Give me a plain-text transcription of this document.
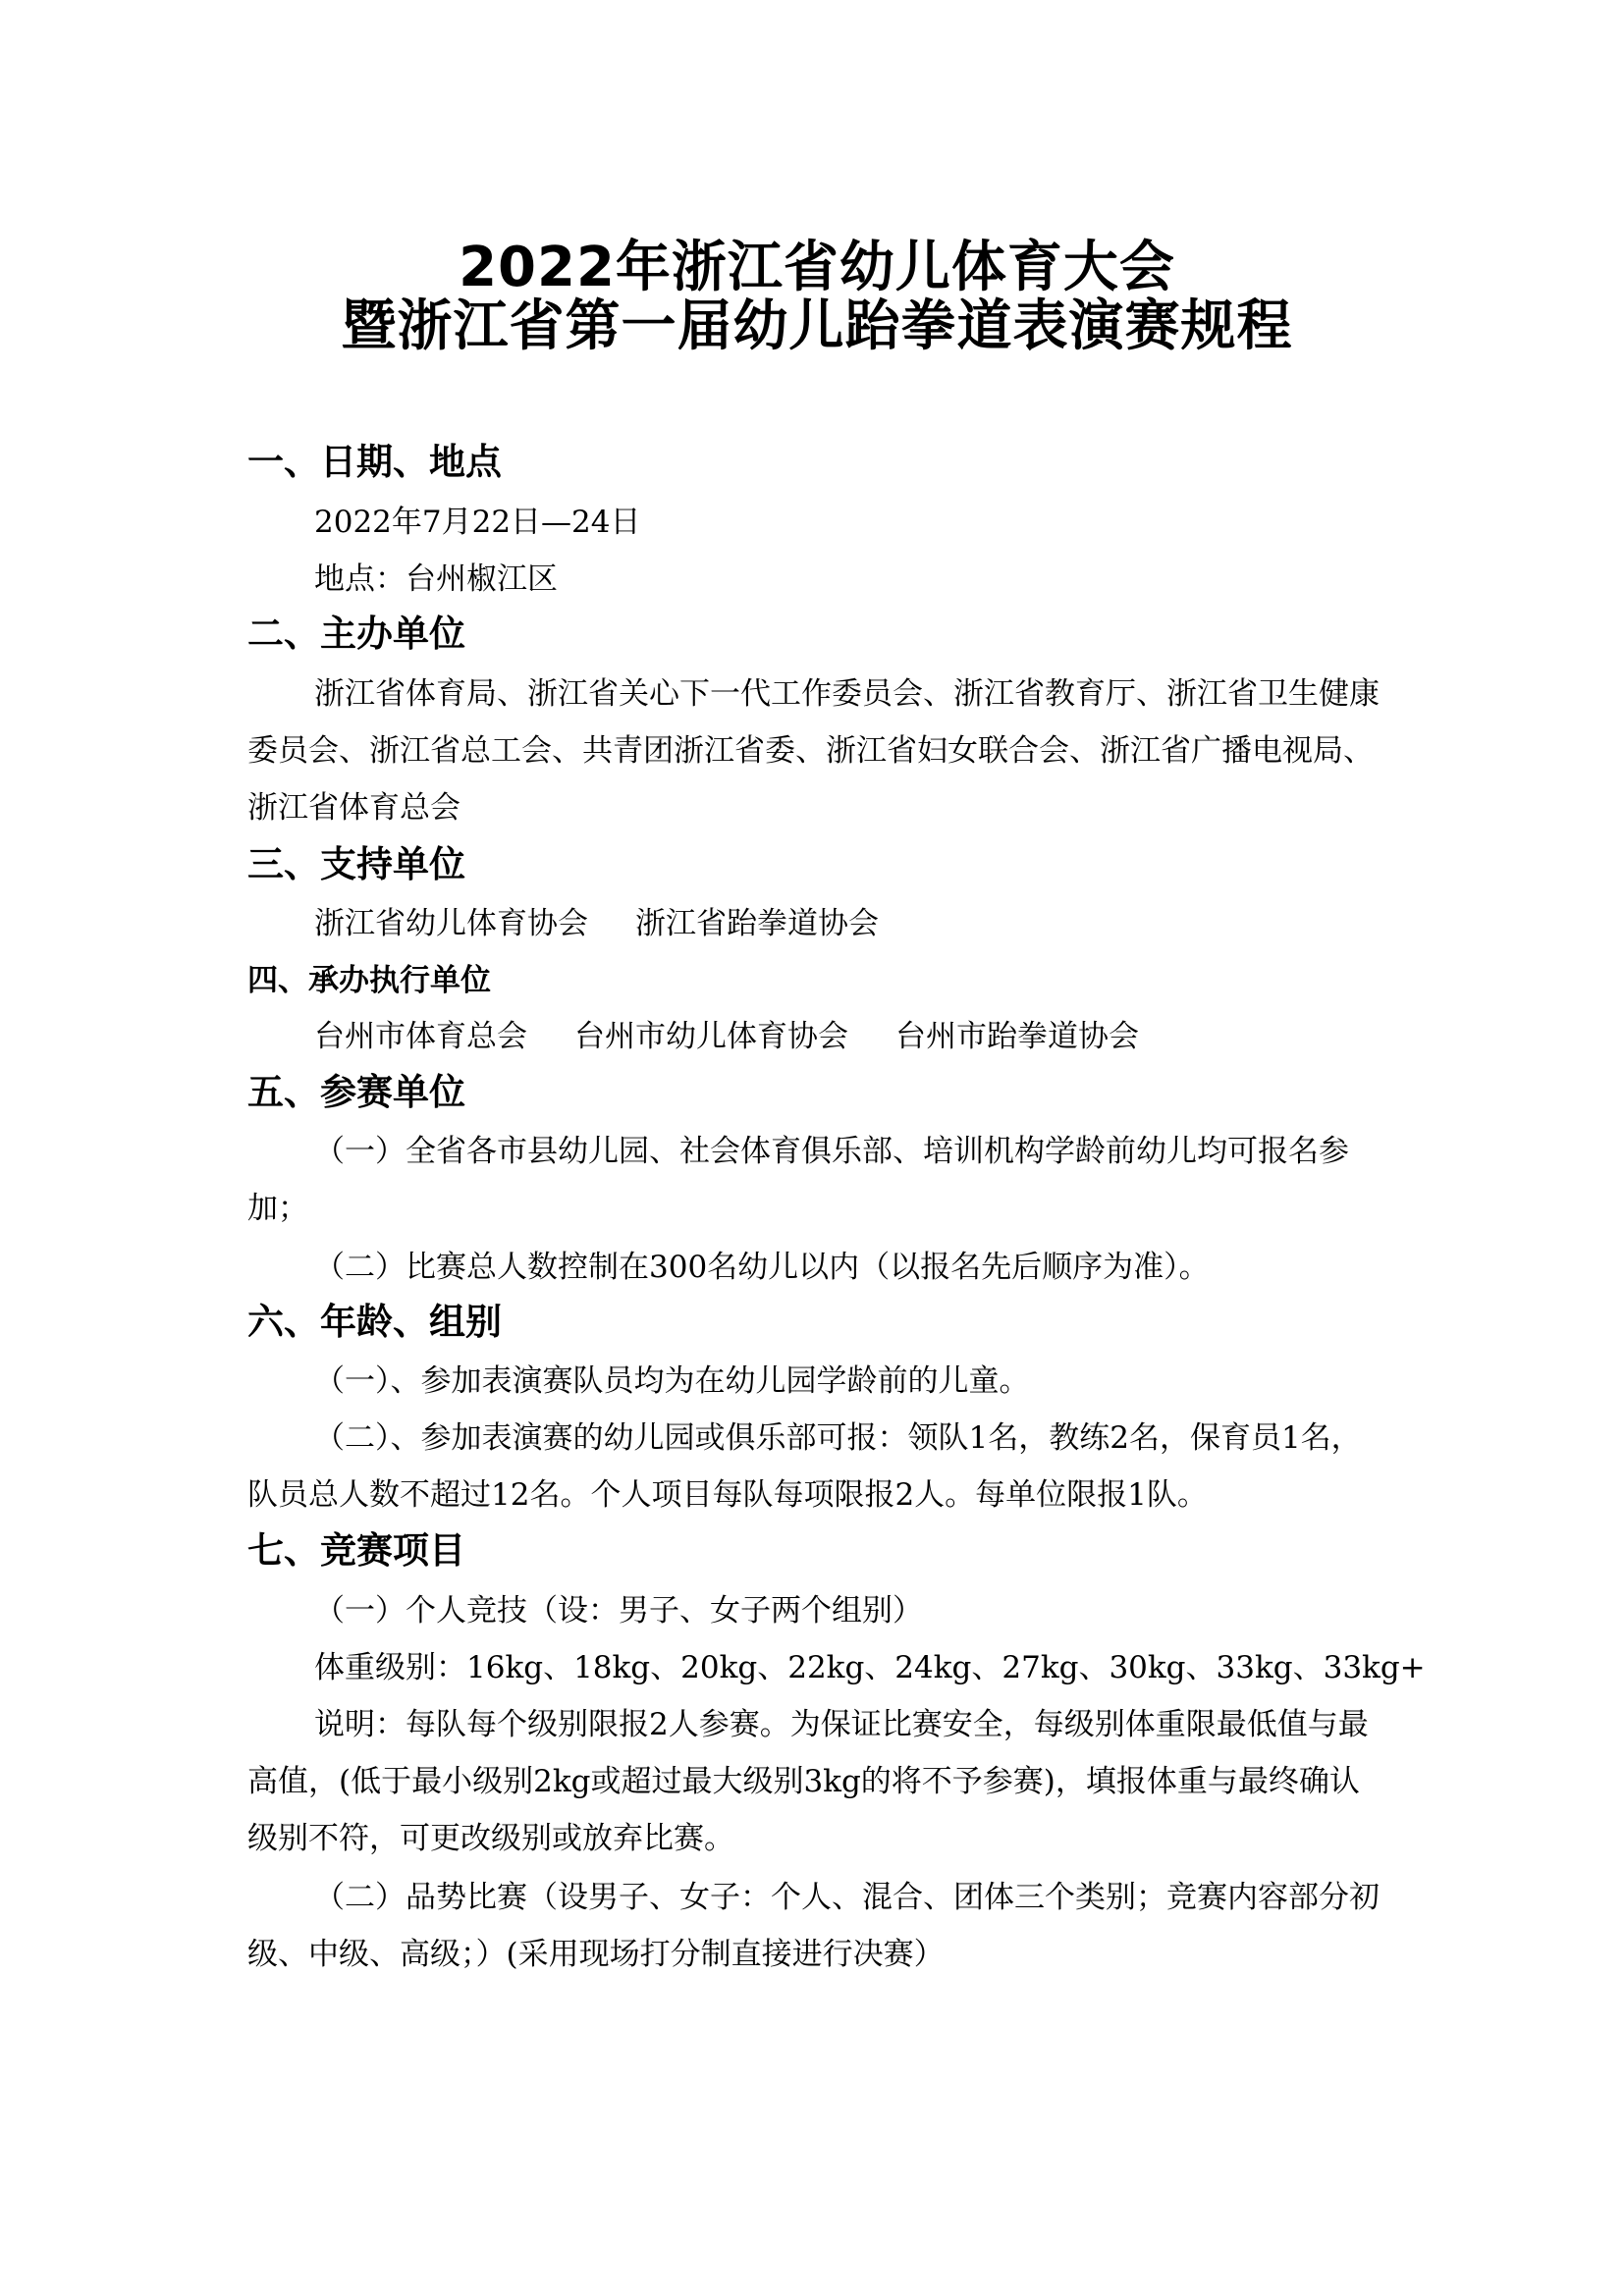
2022年浙江省幼儿体育大会
暨浙江省第一届幼儿跆拳道表演赛规程
一、日期、地点

2022年7月22日—24日

地点：台州椒江区

二、主办单位

浙江省体育局、浙江省关心下一代工作委员会、浙江省教育厅、浙江省卫生健康委员会、浙江省总工会、共青团浙江省委、浙江省妇女联合会、浙江省广播电视局、浙江省体育总会

三、支持单位

浙江省幼儿体育协会 浙江省跆拳道协会

四、承办执行单位

台州市体育总会 台州市幼儿体育协会 台州市跆拳道协会

五、参赛单位

（一）全省各市县幼儿园、社会体育俱乐部、培训机构学龄前幼儿均可报名参加；

（二）比赛总人数控制在300名幼儿以内（以报名先后顺序为准）。

六、年龄、组别

（一）、参加表演赛队员均为在幼儿园学龄前的儿童。

（二）、参加表演赛的幼儿园或俱乐部可报：领队1名，教练2名，保育员1名，队员总人数不超过12名。个人项目每队每项限报2人。每单位限报1队。

七、竞赛项目

（一）个人竞技（设：男子、女子两个组别）

体重级别：16kg、18kg、20kg、22kg、24kg、27kg、30kg、33kg、33kg+

说明：每队每个级别限报2人参赛。为保证比赛安全，每级别体重限最低值与最高值，(低于最小级别2kg或超过最大级别3kg的将不予参赛)，填报体重与最终确认级别不符，可更改级别或放弃比赛。

（二）品势比赛（设男子、女子：个人、混合、团体三个类别；竞赛内容部分初级、中级、高级；）(采用现场打分制直接进行决赛）
